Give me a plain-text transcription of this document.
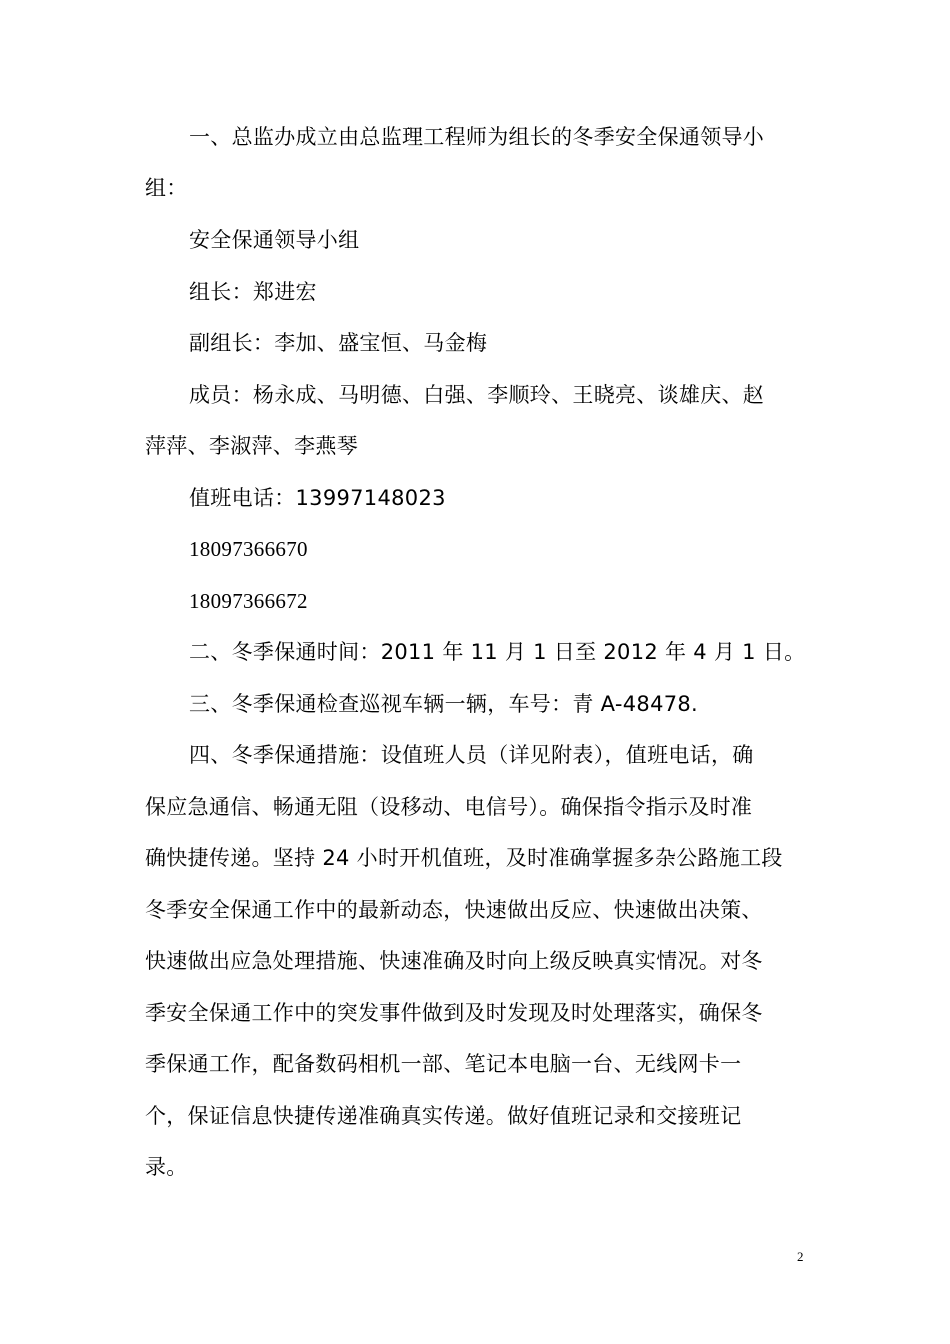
一、总监办成立由总监理工程师为组长的冬季安全保通领导小
组：
安全保通领导小组
组长：郑进宏
副组长：李加、盛宝恒、马金梅
成员：杨永成、马明德、白强、李顺玲、王晓亮、谈雄庆、赵
萍萍、李淑萍、李燕琴
值班电话：13997148023
18097366670
18097366672
二、冬季保通时间：2011 年 11 月 1 日至 2012 年 4 月 1 日。
三、冬季保通检查巡视车辆一辆，车号：青 A-48478.
四、冬季保通措施：设值班人员（详见附表），值班电话，确
保应急通信、畅通无阻（设移动、电信号）。确保指令指示及时准
确快捷传递。坚持 24 小时开机值班，及时准确掌握多杂公路施工段
冬季安全保通工作中的最新动态，快速做出反应、快速做出决策、
快速做出应急处理措施、快速准确及时向上级反映真实情况。对冬
季安全保通工作中的突发事件做到及时发现及时处理落实，确保冬
季保通工作，配备数码相机一部、笔记本电脑一台、无线网卡一
个，保证信息快捷传递准确真实传递。做好值班记录和交接班记
录。
2
